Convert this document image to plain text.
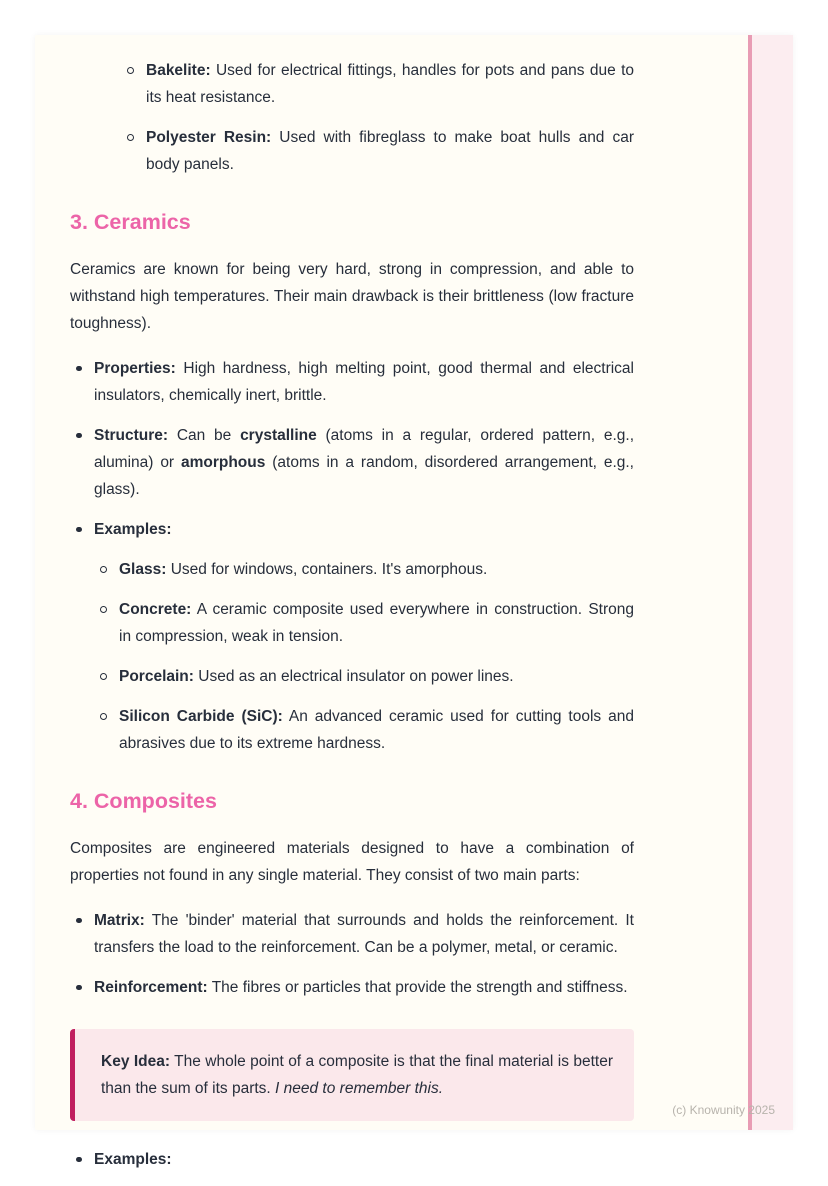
Bakelite: Used for electrical fittings, handles for pots and pans due to its heat resistance.
Polyester Resin: Used with fibreglass to make boat hulls and car body panels.
3. Ceramics

Ceramics are known for being very hard, strong in compression, and able to withstand high temperatures. Their main drawback is their brittleness (low fracture toughness).

Properties: High hardness, high melting point, good thermal and electrical insulators, chemically inert, brittle.
Structure: Can be crystalline (atoms in a regular, ordered pattern, e.g., alumina) or amorphous (atoms in a random, disordered arrangement, e.g., glass).
Examples:
Glass: Used for windows, containers. It's amorphous.
Concrete: A ceramic composite used everywhere in construction. Strong in compression, weak in tension.
Porcelain: Used as an electrical insulator on power lines.
Silicon Carbide (SiC): An advanced ceramic used for cutting tools and abrasives due to its extreme hardness.
4. Composites

Composites are engineered materials designed to have a combination of properties not found in any single material. They consist of two main parts:

Matrix: The 'binder' material that surrounds and holds the reinforcement. It transfers the load to the reinforcement. Can be a polymer, metal, or ceramic.
Reinforcement: The fibres or particles that provide the strength and stiffness.

Key Idea: The whole point of a composite is that the final material is better than the sum of its parts. I need to remember this.

Examples:
(c) Knowunity 2025
